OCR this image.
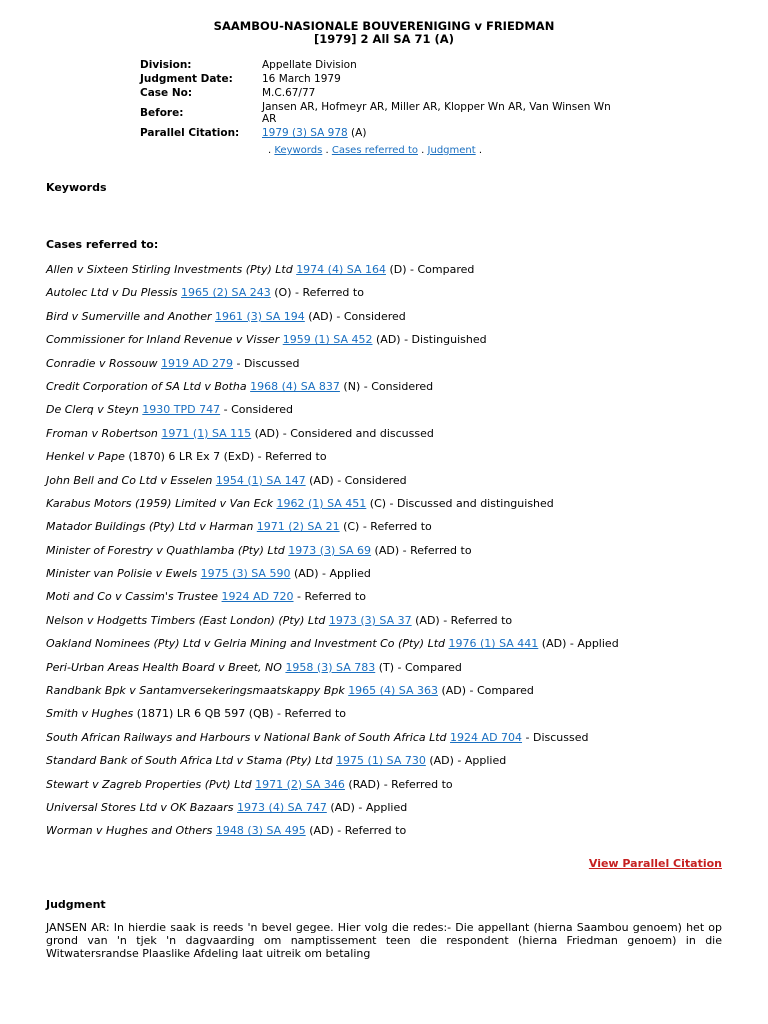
SAAMBOU-NASIONALE BOUVERENIGING v FRIEDMAN
[1979] 2 All SA 71 (A)
Division:	Appellate Division
Judgment Date:	16 March 1979
Case No:	M.C.67/77
Before:	Jansen AR, Hofmeyr AR, Miller AR, Klopper Wn AR, Van Winsen Wn AR
Parallel Citation:	1979 (3) SA 978 (A)
. Keywords . Cases referred to . Judgment .
Keywords
Cases referred to:
Allen v Sixteen Stirling Investments (Pty) Ltd 1974 (4) SA 164 (D) - Compared
Autolec Ltd v Du Plessis 1965 (2) SA 243 (O) - Referred to
Bird v Sumerville and Another 1961 (3) SA 194 (AD) - Considered
Commissioner for Inland Revenue v Visser 1959 (1) SA 452 (AD) - Distinguished
Conradie v Rossouw 1919 AD 279 - Discussed
Credit Corporation of SA Ltd v Botha 1968 (4) SA 837 (N) - Considered
De Clerq v Steyn 1930 TPD 747 - Considered
Froman v Robertson 1971 (1) SA 115 (AD) - Considered and discussed
Henkel v Pape (1870) 6 LR Ex 7 (ExD) - Referred to
John Bell and Co Ltd v Esselen 1954 (1) SA 147 (AD) - Considered
Karabus Motors (1959) Limited v Van Eck 1962 (1) SA 451 (C) - Discussed and distinguished
Matador Buildings (Pty) Ltd v Harman 1971 (2) SA 21 (C) - Referred to
Minister of Forestry v Quathlamba (Pty) Ltd 1973 (3) SA 69 (AD) - Referred to
Minister van Polisie v Ewels 1975 (3) SA 590 (AD) - Applied
Moti and Co v Cassim's Trustee 1924 AD 720 - Referred to
Nelson v Hodgetts Timbers (East London) (Pty) Ltd 1973 (3) SA 37 (AD) - Referred to
Oakland Nominees (Pty) Ltd v Gelria Mining and Investment Co (Pty) Ltd 1976 (1) SA 441 (AD) - Applied
Peri-Urban Areas Health Board v Breet, NO 1958 (3) SA 783 (T) - Compared
Randbank Bpk v Santamversekeringsmaatskappy Bpk 1965 (4) SA 363 (AD) - Compared
Smith v Hughes (1871) LR 6 QB 597 (QB) - Referred to
South African Railways and Harbours v National Bank of South Africa Ltd 1924 AD 704 - Discussed
Standard Bank of South Africa Ltd v Stama (Pty) Ltd 1975 (1) SA 730 (AD) - Applied
Stewart v Zagreb Properties (Pvt) Ltd 1971 (2) SA 346 (RAD) - Referred to
Universal Stores Ltd v OK Bazaars 1973 (4) SA 747 (AD) - Applied
Worman v Hughes and Others 1948 (3) SA 495 (AD) - Referred to
View Parallel Citation
Judgment
JANSEN AR: In hierdie saak is reeds 'n bevel gegee. Hier volg die redes:- Die appellant (hierna Saambou genoem) het op grond van 'n tjek 'n dagvaarding om namptissement teen die respondent (hierna Friedman genoem) in die Witwatersrandse Plaaslike Afdeling laat uitreik om betaling
